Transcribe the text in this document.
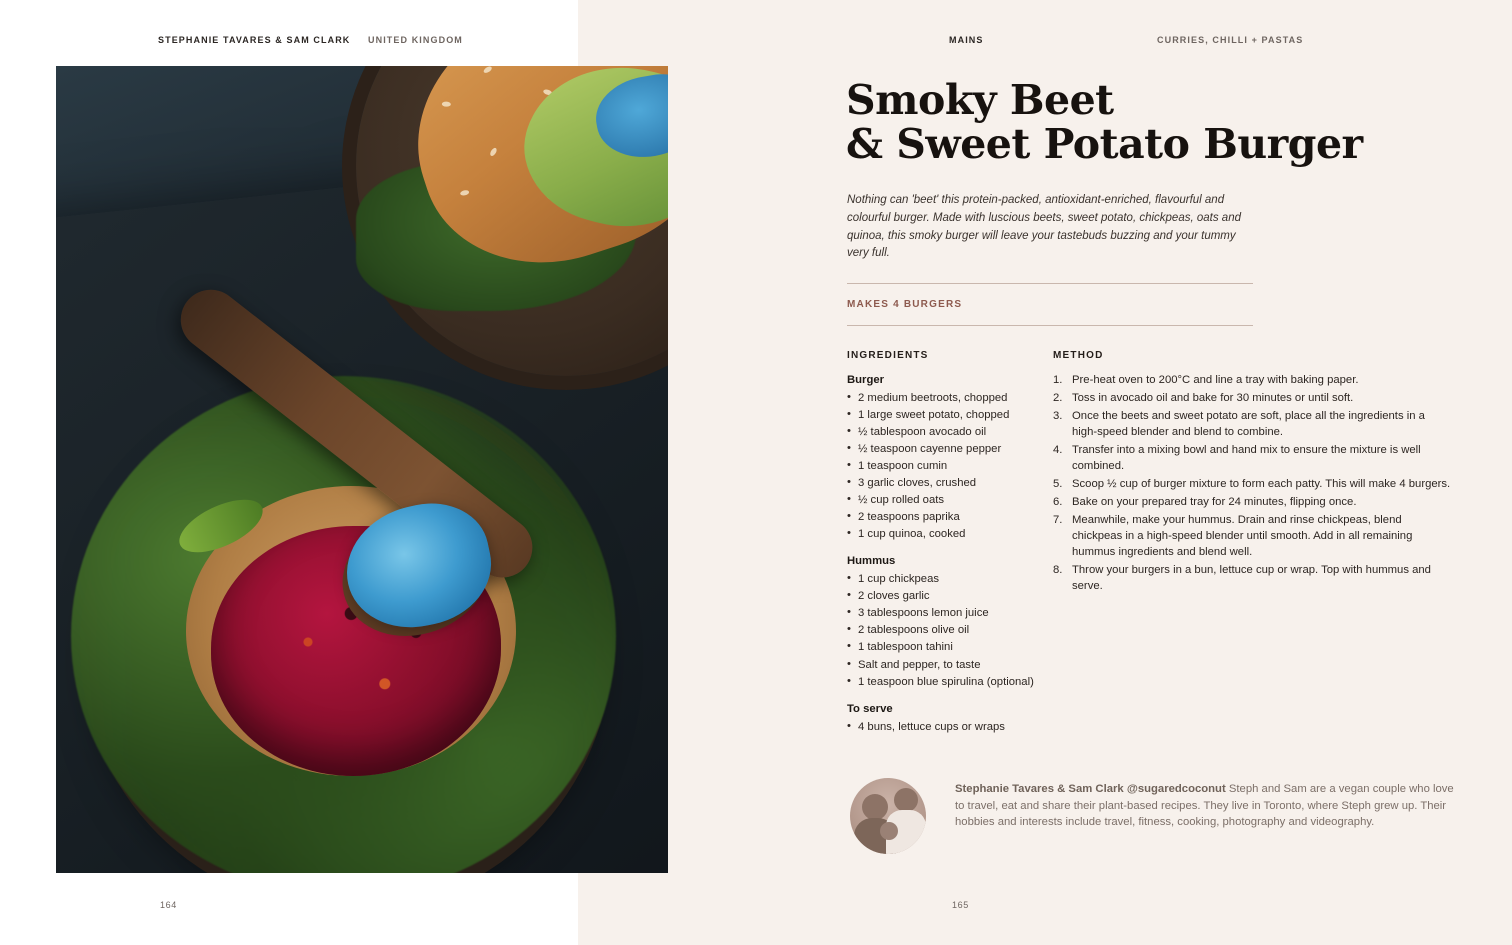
STEPHANIE TAVARES & SAM CLARK UNITED KINGDOM
164
MAINS	CURRIES, CHILLI + PASTAS
Smoky Beet
& Sweet Potato Burger
Nothing can 'beet' this protein-packed, antioxidant-enriched, flavourful and colourful burger. Made with luscious beets, sweet potato, chickpeas, oats and quinoa, this smoky burger will leave your tastebuds buzzing and your tummy very full.
MAKES 4 BURGERS
INGREDIENTS	METHOD
Burger
• 2 medium beetroots, chopped
• 1 large sweet potato, chopped
• ½ tablespoon avocado oil
• ½ teaspoon cayenne pepper
• 1 teaspoon cumin
• 3 garlic cloves, crushed
• ½ cup rolled oats
• 2 teaspoons paprika
• 1 cup quinoa, cooked
Hummus
• 1 cup chickpeas
• 2 cloves garlic
• 3 tablespoons lemon juice
• 2 tablespoons olive oil
• 1 tablespoon tahini
• Salt and pepper, to taste
• 1 teaspoon blue spirulina (optional)
To serve
• 4 buns, lettuce cups or wraps
Pre-heat oven to 200°C and line a tray with baking paper.
Toss in avocado oil and bake for 30 minutes or until soft.
Once the beets and sweet potato are soft, place all the ingredients in a high-speed blender and blend to combine.
Transfer into a mixing bowl and hand mix to ensure the mixture is well combined.
Scoop ½ cup of burger mixture to form each patty. This will make 4 burgers.
Bake on your prepared tray for 24 minutes, flipping once.
Meanwhile, make your hummus. Drain and rinse chickpeas, blend chickpeas in a high-speed blender until smooth. Add in all remaining hummus ingredients and blend well.
Throw your burgers in a bun, lettuce cup or wrap. Top with hummus and serve.
Stephanie Tavares & Sam Clark @sugaredcoconut Steph and Sam are a vegan couple who love to travel, eat and share their plant-based recipes. They live in Toronto, where Steph grew up. Their hobbies and interests include travel, fitness, cooking, photography and videography.
165
